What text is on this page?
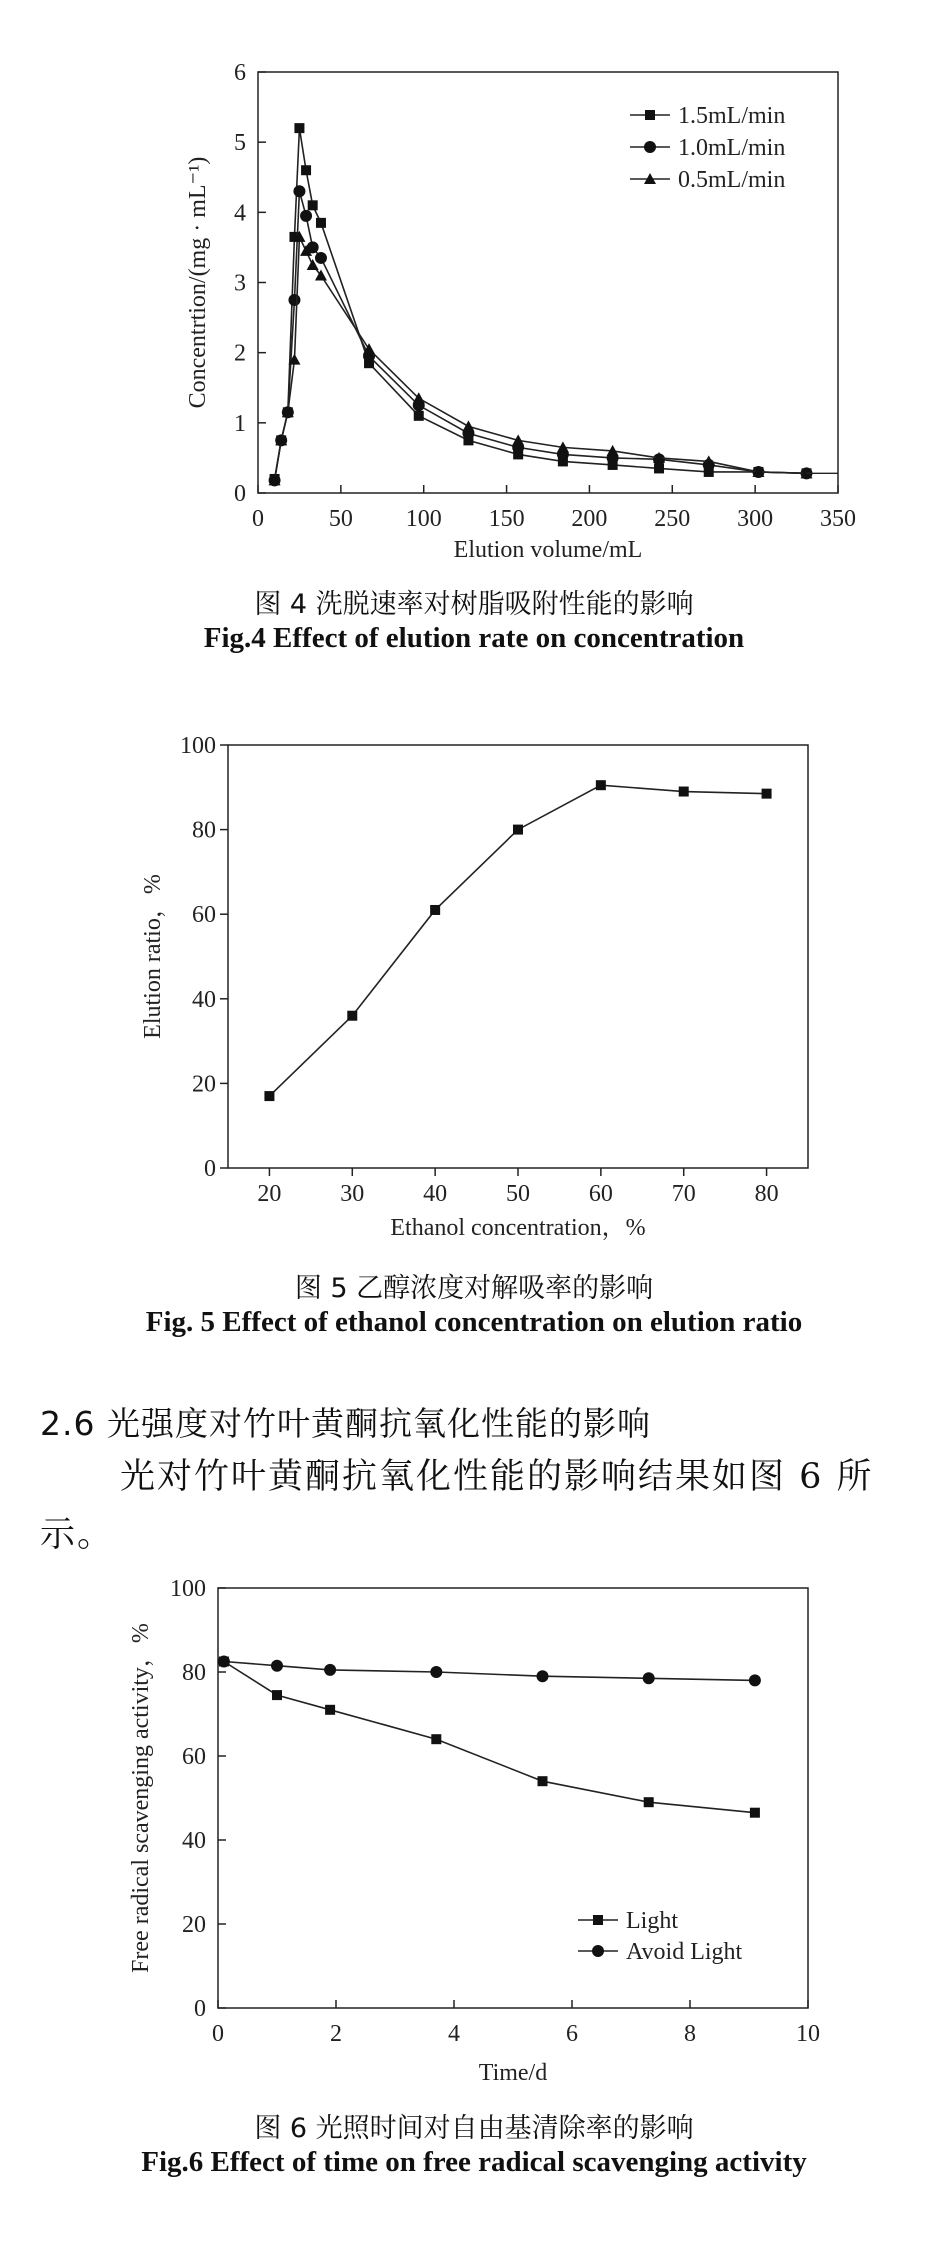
0	50 100 150 200 250 300 350
0
1
2
3
4
5
6
Elution volume/mL
Concentrtion/(mg · mL⁻¹)
1.5mL/min
1.0mL/min
0.5mL/min
图 4 洗脱速率对树脂吸附性能的影响
Fig.4 Effect of elution rate on concentration
20 30 40 50 60 70 80
0
20
40
60
80
100
Ethanol concentration，%
Elution ratio，%
图 5 乙醇浓度对解吸率的影响
Fig. 5 Effect of ethanol concentration on elution ratio
2.6 光强度对竹叶黄酮抗氧化性能的影响
光对竹叶黄酮抗氧化性能的影响结果如图 6 所示。
0	2	4	6	8	10
0
20
40
60
80
100
Time/d
Free radical scavenging activity，%	Light
Avoid Light
图 6 光照时间对自由基清除率的影响
Fig.6 Effect of time on free radical scavenging activity
